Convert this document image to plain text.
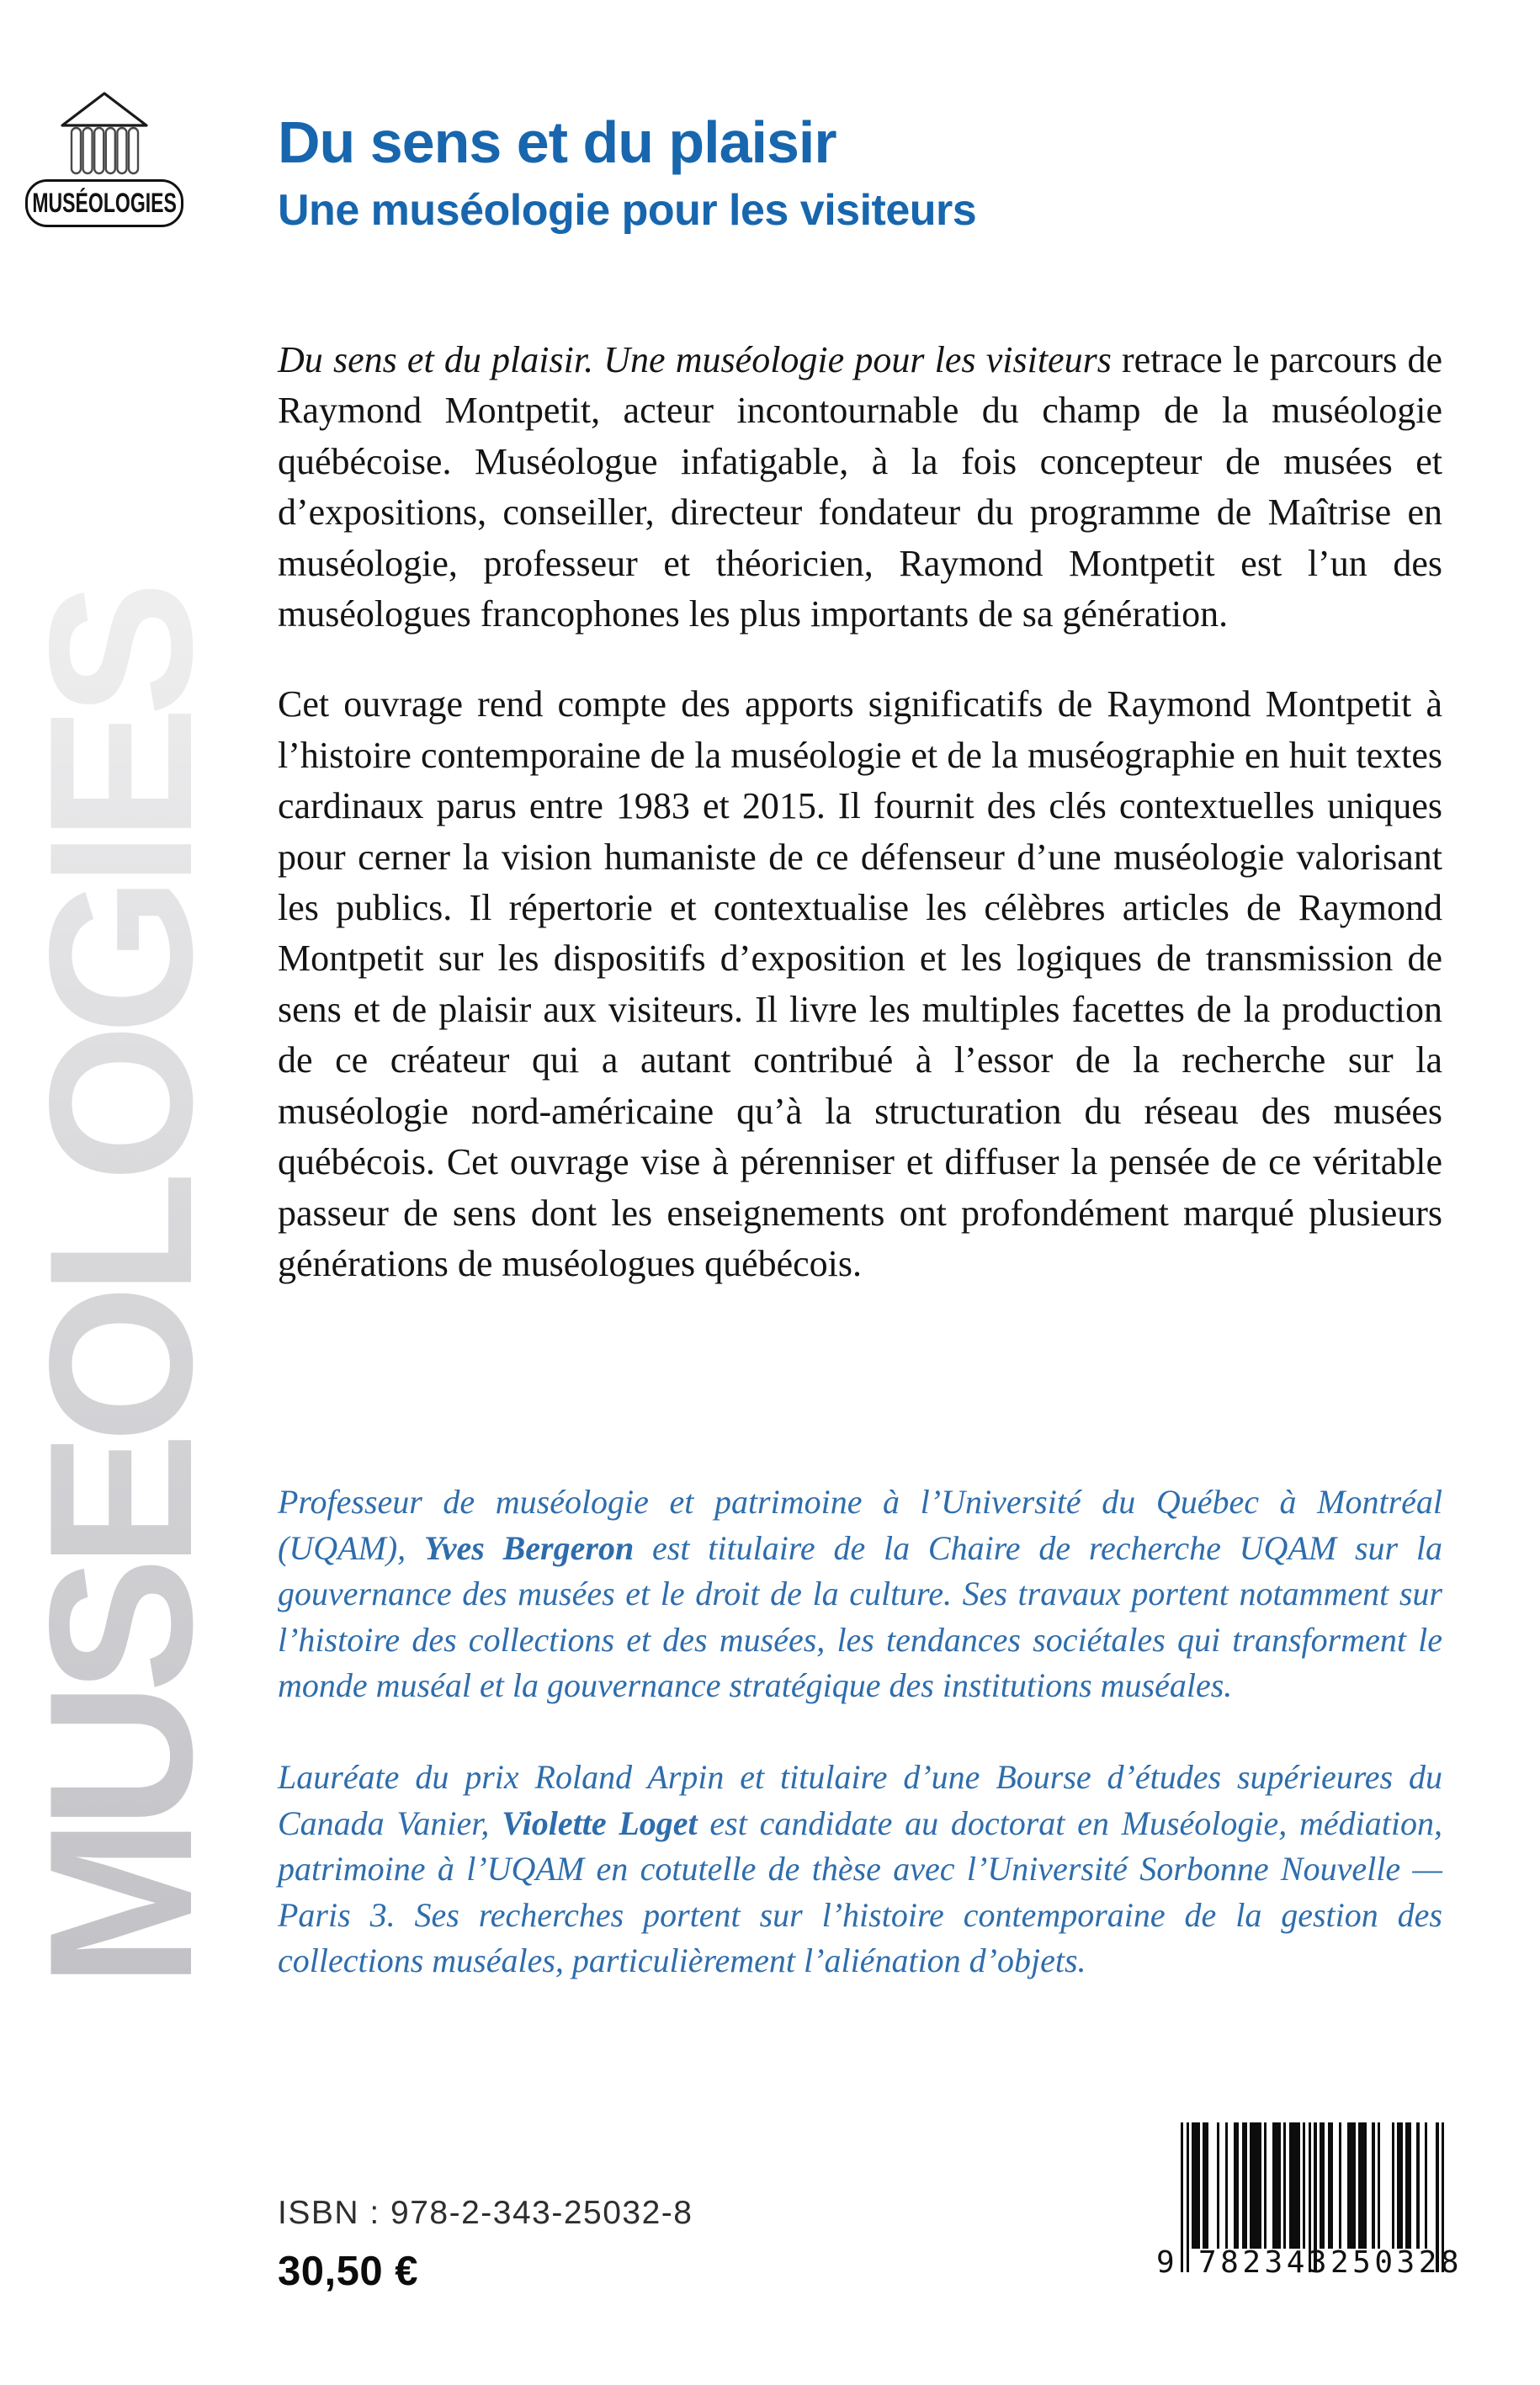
MUSEOLOGIES
MUSÉOLOGIES
Du sens et du plaisir
Une muséologie pour les visiteurs

Du sens et du plaisir. Une muséologie pour les visiteurs retrace le parcours de Raymond Montpetit, acteur incontournable du champ de la muséologie québécoise. Muséologue infatigable, à la fois concepteur de musées et d’expositions, conseiller, directeur fondateur du programme de Maîtrise en muséologie, professeur et théoricien, Raymond Montpetit est l’un des muséologues francophones les plus importants de sa génération.

Cet ouvrage rend compte des apports significatifs de Raymond Montpetit à l’histoire contemporaine de la muséologie et de la muséographie en huit textes cardinaux parus entre 1983 et 2015. Il fournit des clés contextuelles uniques pour cerner la vision humaniste de ce défenseur d’une muséologie valorisant les publics. Il répertorie et contextualise les célèbres articles de Raymond Montpetit sur les dispositifs d’exposition et les logiques de transmission de sens et de plaisir aux visiteurs. Il livre les multiples facettes de la production de ce créateur qui a autant contribué à l’essor de la recherche sur la muséologie nord-américaine qu’à la structuration du réseau des musées québécois. Cet ouvrage vise à pérenniser et diffuser la pensée de ce véritable passeur de sens dont les enseignements ont profondément marqué plusieurs générations de muséologues québécois.

Professeur de muséologie et patrimoine à l’Université du Québec à Montréal (UQAM), Yves Bergeron est titulaire de la Chaire de recherche UQAM sur la gouvernance des musées et le droit de la culture. Ses travaux portent notamment sur l’histoire des collections et des musées, les tendances sociétales qui transforment le monde muséal et la gouvernance stratégique des institutions muséales.

Lauréate du prix Roland Arpin et titulaire d’une Bourse d’études supérieures du Canada Vanier, Violette Loget est candidate au doctorat en Muséologie, médiation, patrimoine à l’UQAM en cotutelle de thèse avec l’Université Sorbonne Nouvelle — Paris 3. Ses recherches portent sur l’histoire contemporaine de la gestion des collections muséales, particulièrement l’aliénation d’objets.

ISBN : 978-2-343-25032-8
30,50 €	9 782343 250328
